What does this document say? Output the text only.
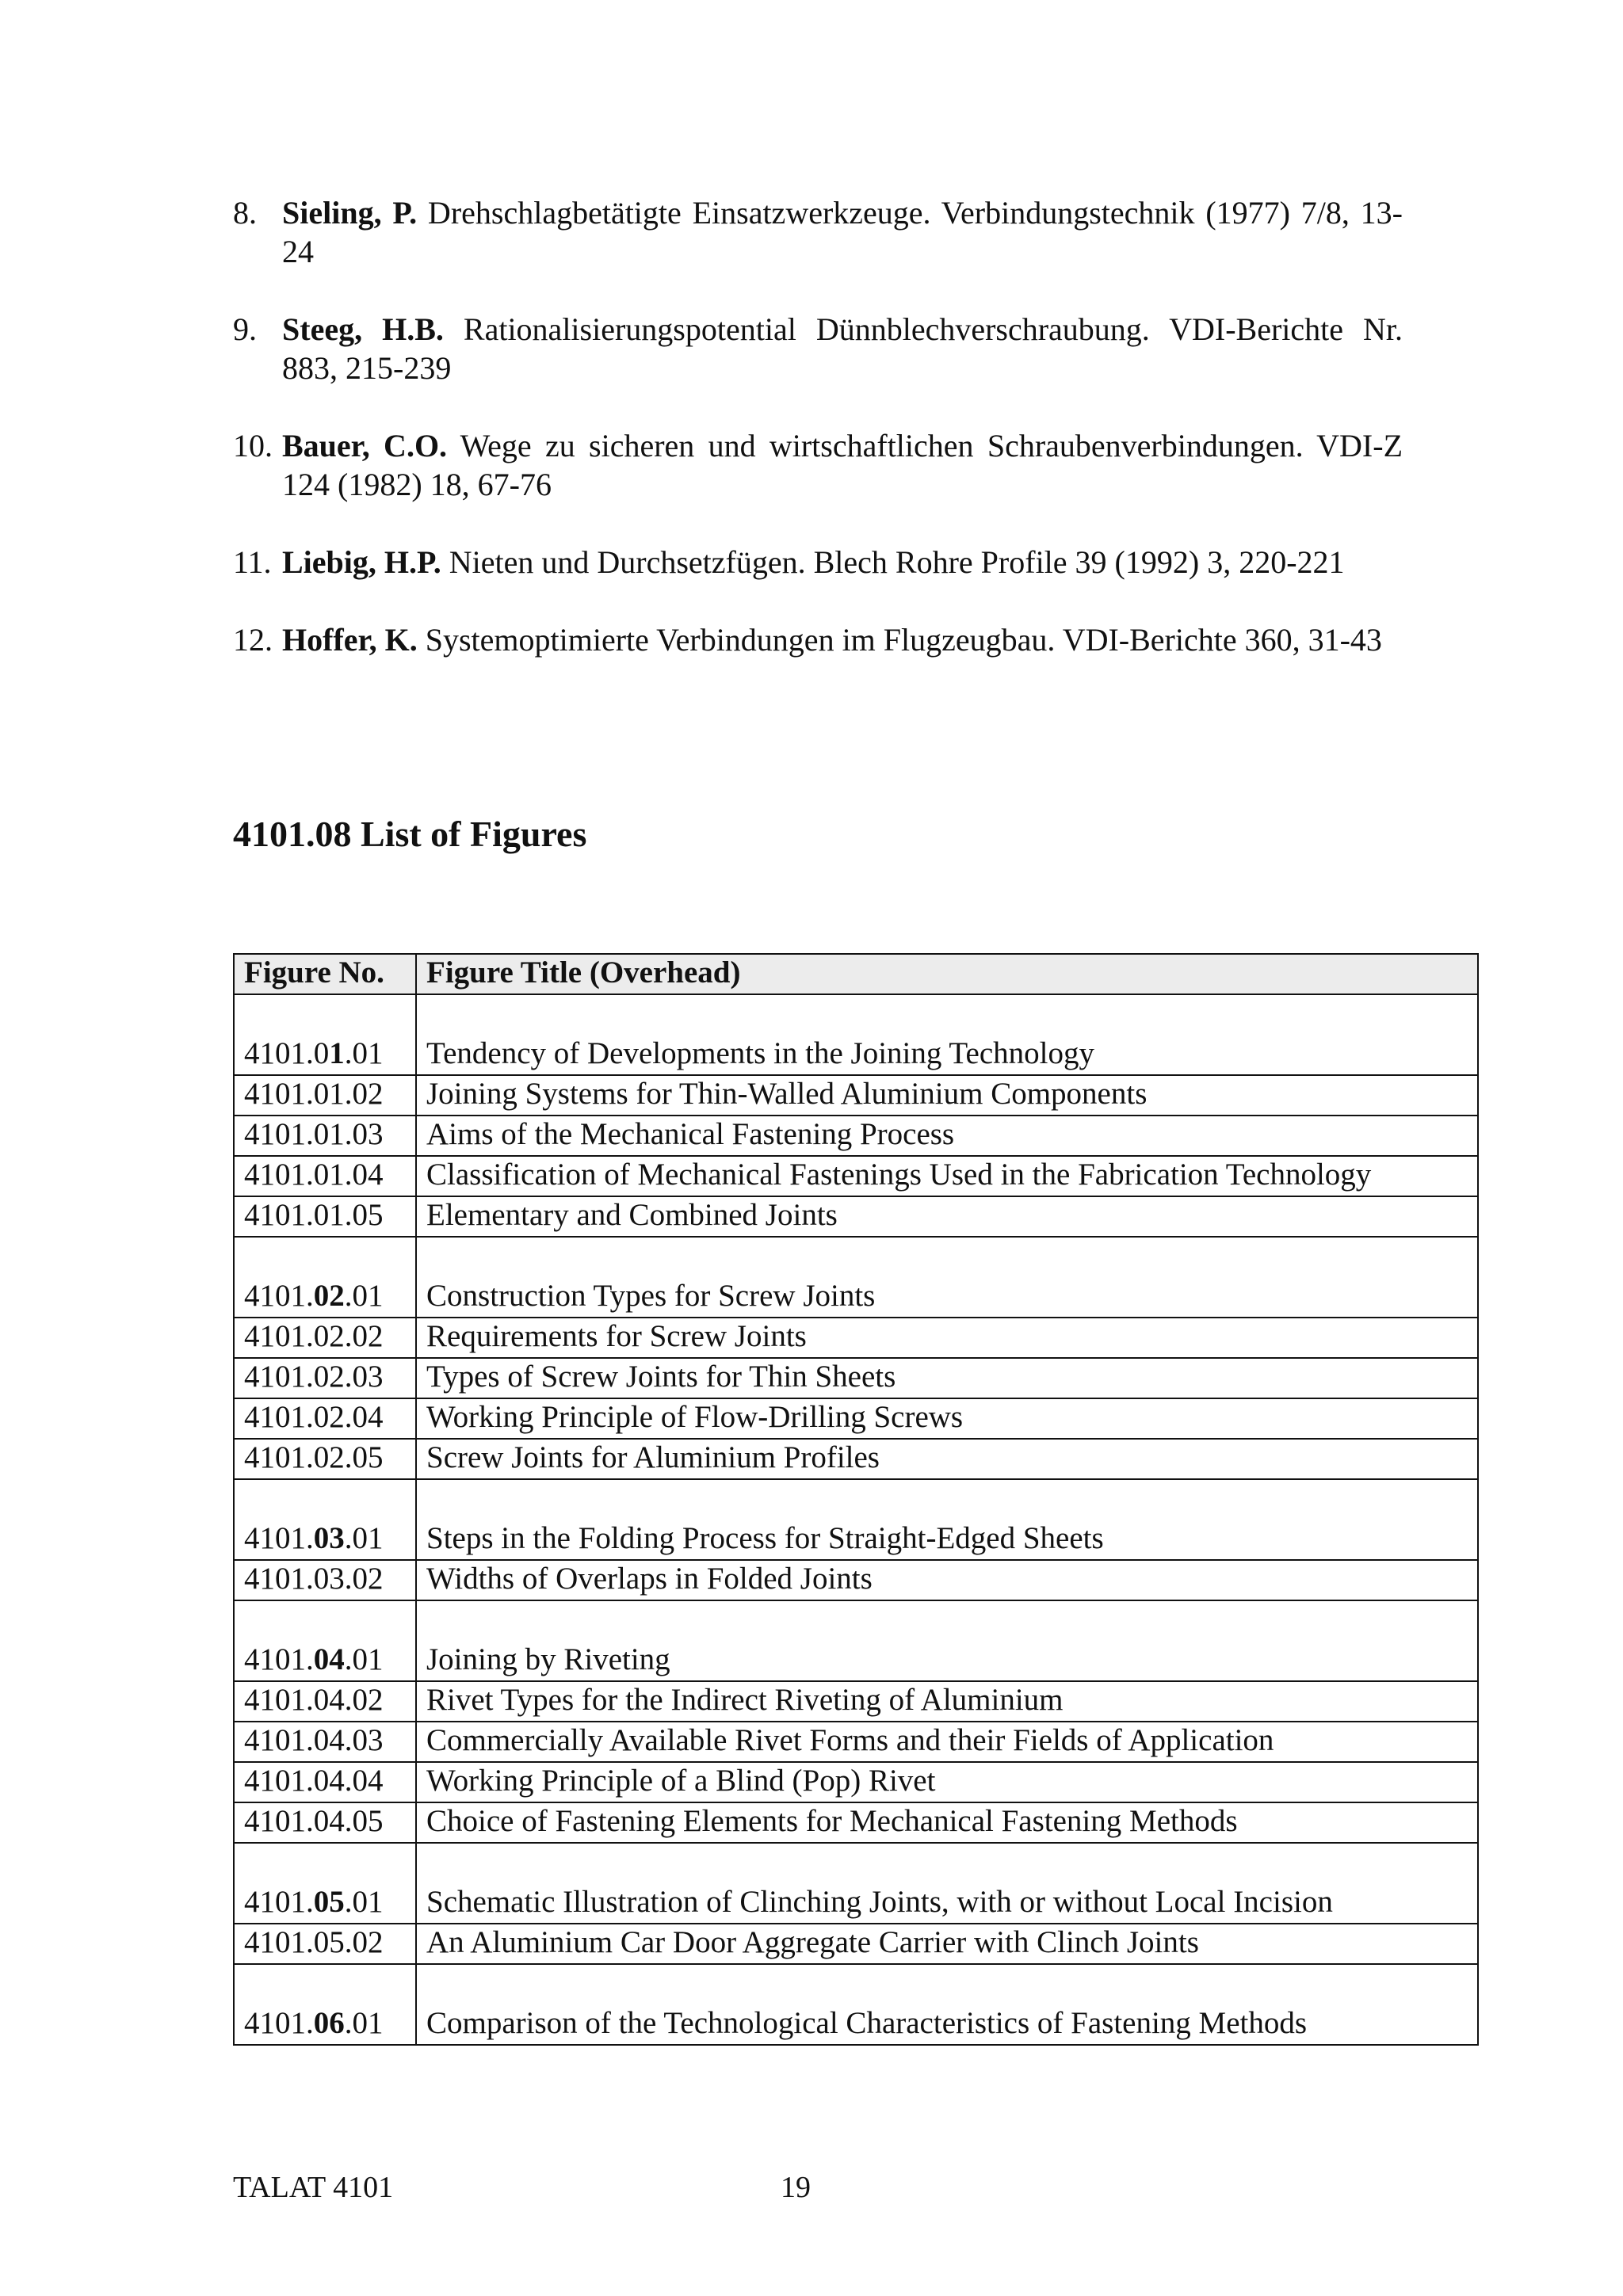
8. Sieling, P. Drehschlagbetätigte Einsatzwerkzeuge. Verbindungstechnik (1977) 7/8, 13-24
9. Steeg, H.B. Rationalisierungspotential Dünnblechverschraubung. VDI-Berichte Nr. 883, 215-239
10. Bauer, C.O. Wege zu sicheren und wirtschaftlichen Schraubenverbindungen. VDI-Z 124 (1982) 18, 67-76
11. Liebig, H.P. Nieten und Durchsetzfügen. Blech Rohre Profile 39 (1992) 3, 220-221
12. Hoffer, K. Systemoptimierte Verbindungen im Flugzeugbau. VDI-Berichte 360, 31-43
4101.08 List of Figures
Figure No.	Figure Title (Overhead)
4101.01.01	Tendency of Developments in the Joining Technology
4101.01.02	Joining Systems for Thin-Walled Aluminium Components
4101.01.03	Aims of the Mechanical Fastening Process
4101.01.04	Classification of Mechanical Fastenings Used in the Fabrication Technology
4101.01.05	Elementary and Combined Joints
4101.02.01	Construction Types for Screw Joints
4101.02.02	Requirements for Screw Joints
4101.02.03	Types of Screw Joints for Thin Sheets
4101.02.04	Working Principle of Flow-Drilling Screws
4101.02.05	Screw Joints for Aluminium Profiles
4101.03.01	Steps in the Folding Process for Straight-Edged Sheets
4101.03.02	Widths of Overlaps in Folded Joints
4101.04.01	Joining by Riveting
4101.04.02	Rivet Types for the Indirect Riveting of Aluminium
4101.04.03	Commercially Available Rivet Forms and their Fields of Application
4101.04.04	Working Principle of a Blind (Pop) Rivet
4101.04.05	Choice of Fastening Elements for Mechanical Fastening Methods
4101.05.01	Schematic Illustration of Clinching Joints, with or without Local Incision
4101.05.02	An Aluminium Car Door Aggregate Carrier with Clinch Joints
4101.06.01	Comparison of the Technological Characteristics of Fastening Methods
TALAT 4101	19
